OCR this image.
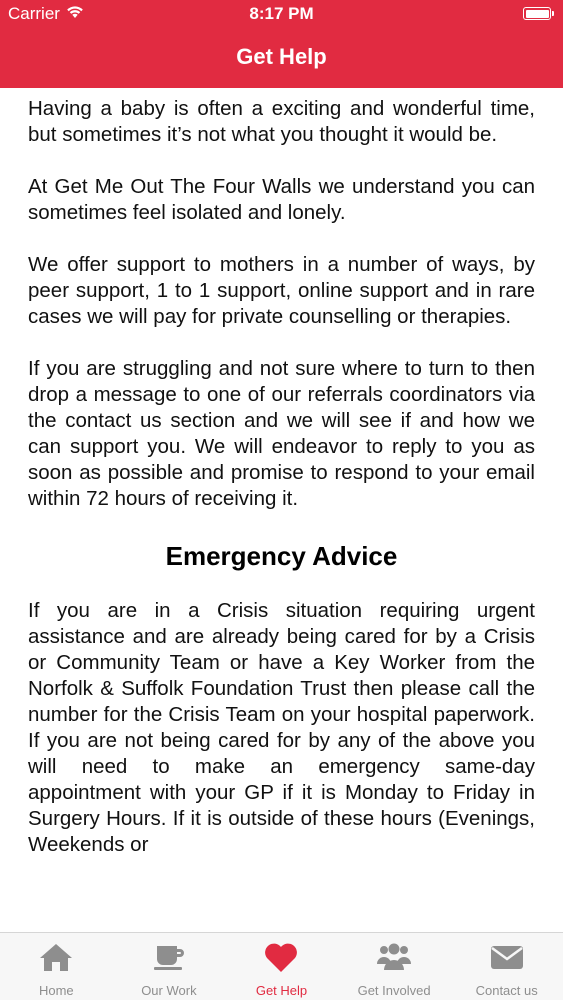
Carrier	8:17 PM
Get Help

Having a baby is often a exciting and wonderful time, but sometimes it’s not what you thought it would be.

At Get Me Out The Four Walls we understand you can sometimes feel isolated and lonely.

We offer support to mothers in a number of ways, by peer support, 1 to 1 support, online support and in rare cases we will pay for private counselling or therapies.

If you are struggling and not sure where to turn to then drop a message to one of our referrals coordinators via the contact us section and we will see if and how we can support you. We will endeavor to reply to you as soon as possible and promise to respond to your email within 72 hours of receiving it.

Emergency Advice

If you are in a Crisis situation requiring urgent assistance and are already being cared for by a Crisis or Community Team or have a Key Worker from the Norfolk & Suffolk Foundation Trust then please call the number for the Crisis Team on your hospital paperwork. If you are not being cared for by any of the above you will need to make an emergency same-day appointment with your GP if it is Monday to Friday in Surgery Hours. If it is outside of these hours (Evenings, Weekends or

Home	Our Work	Get Help	Get Involved	Contact us
